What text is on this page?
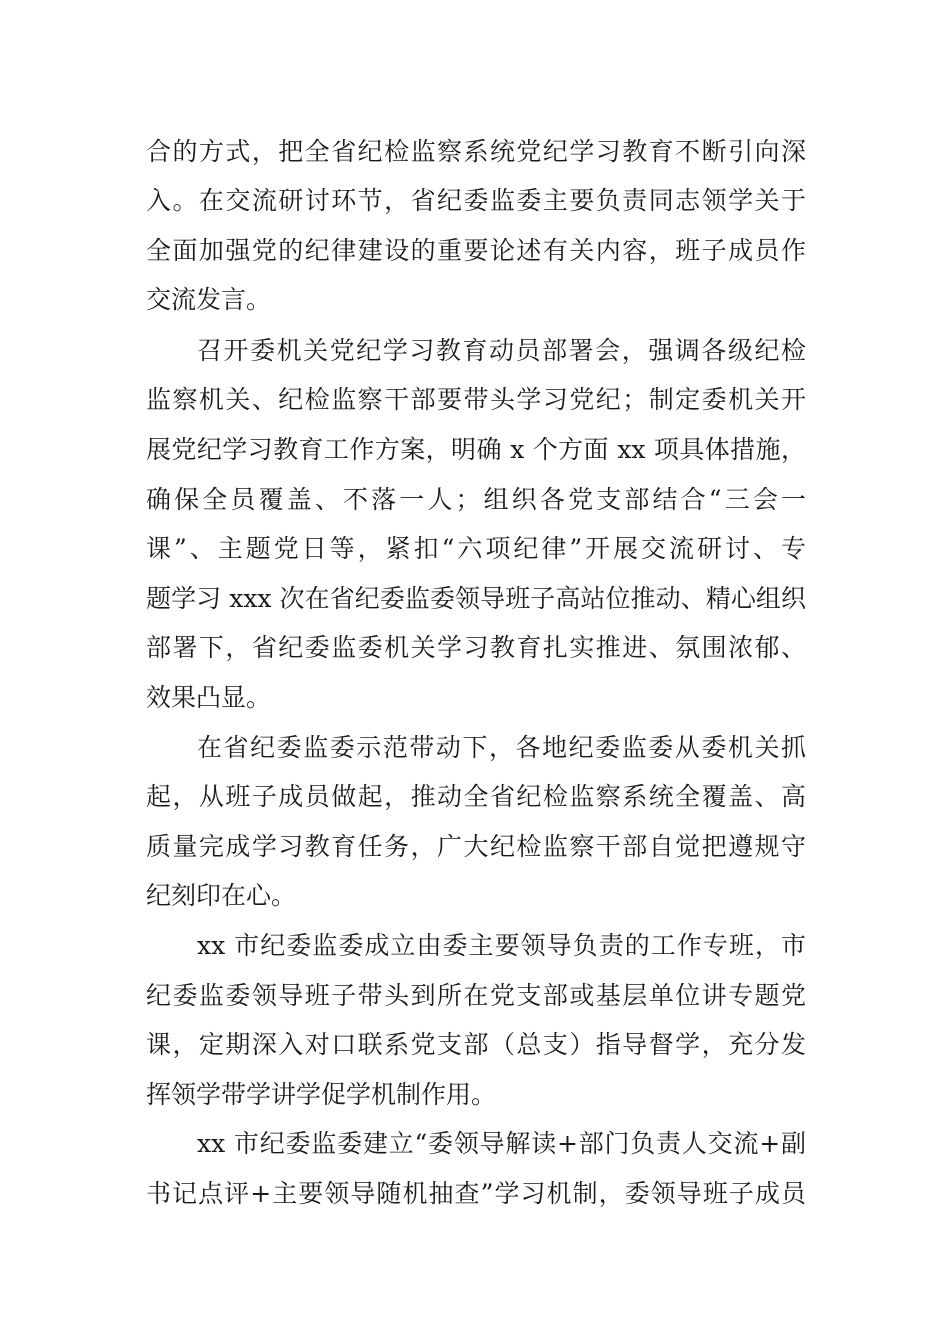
合的方式，把全省纪检监察系统党纪学习教育不断引向深

入。在交流研讨环节，省纪委监委主要负责同志领学关于

全面加强党的纪律建设的重要论述有关内容，班子成员作

交流发言。

召开委机关党纪学习教育动员部署会，强调各级纪检

监察机关、纪检监察干部要带头学习党纪；制定委机关开

展党纪学习教育工作方案，明确 x 个方面 xx 项具体措施，

确保全员覆盖、不落一人；组织各党支部结合“三会一

课”、主题党日等，紧扣“六项纪律”开展交流研讨、专

题学习 xxx 次在省纪委监委领导班子高站位推动、精心组织

部署下，省纪委监委机关学习教育扎实推进、氛围浓郁、

效果凸显。

在省纪委监委示范带动下，各地纪委监委从委机关抓

起，从班子成员做起，推动全省纪检监察系统全覆盖、高

质量完成学习教育任务，广大纪检监察干部自觉把遵规守

纪刻印在心。

xx 市纪委监委成立由委主要领导负责的工作专班，市

纪委监委领导班子带头到所在党支部或基层单位讲专题党

课，定期深入对口联系党支部（总支）指导督学，充分发

挥领学带学讲学促学机制作用。

xx 市纪委监委建立“委领导解读+部门负责人交流+副

书记点评+主要领导随机抽查”学习机制，委领导班子成员
